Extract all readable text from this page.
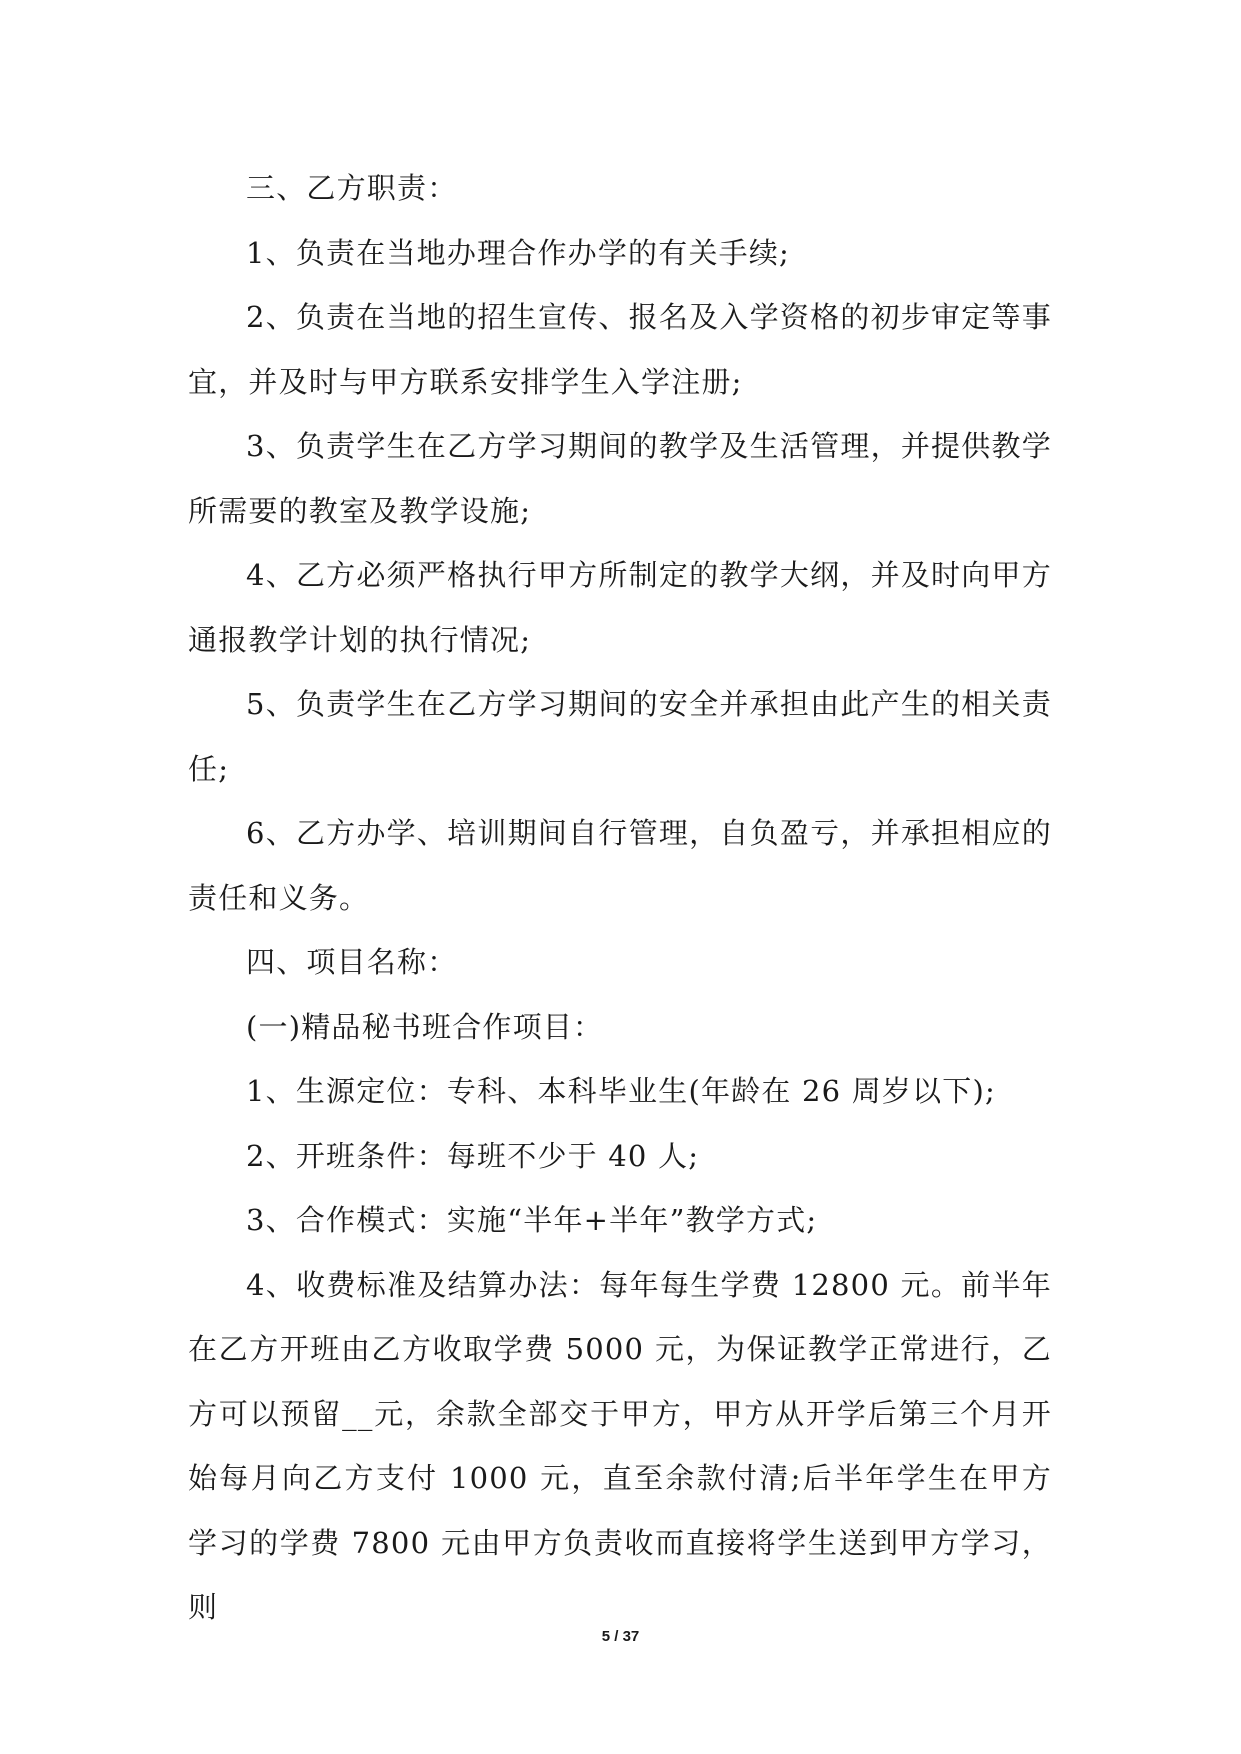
三、乙方职责：

1、负责在当地办理合作办学的有关手续;

2、负责在当地的招生宣传、报名及入学资格的初步审定等事宜，并及时与甲方联系安排学生入学注册;

3、负责学生在乙方学习期间的教学及生活管理，并提供教学所需要的教室及教学设施;

4、乙方必须严格执行甲方所制定的教学大纲，并及时向甲方通报教学计划的执行情况;

5、负责学生在乙方学习期间的安全并承担由此产生的相关责任;

6、乙方办学、培训期间自行管理，自负盈亏，并承担相应的责任和义务。

四、项目名称：

(一)精品秘书班合作项目：

1、生源定位：专科、本科毕业生(年龄在 26 周岁以下);

2、开班条件：每班不少于 40 人;

3、合作模式：实施“半年+半年”教学方式;

4、收费标准及结算办法：每年每生学费 12800 元。前半年在乙方开班由乙方收取学费 5000 元，为保证教学正常进行，乙方可以预留__元，余款全部交于甲方，甲方从开学后第三个月开始每月向乙方支付 1000 元，直至余款付清;后半年学生在甲方学习的学费 7800 元由甲方负责收而直接将学生送到甲方学习，则

5 / 37
